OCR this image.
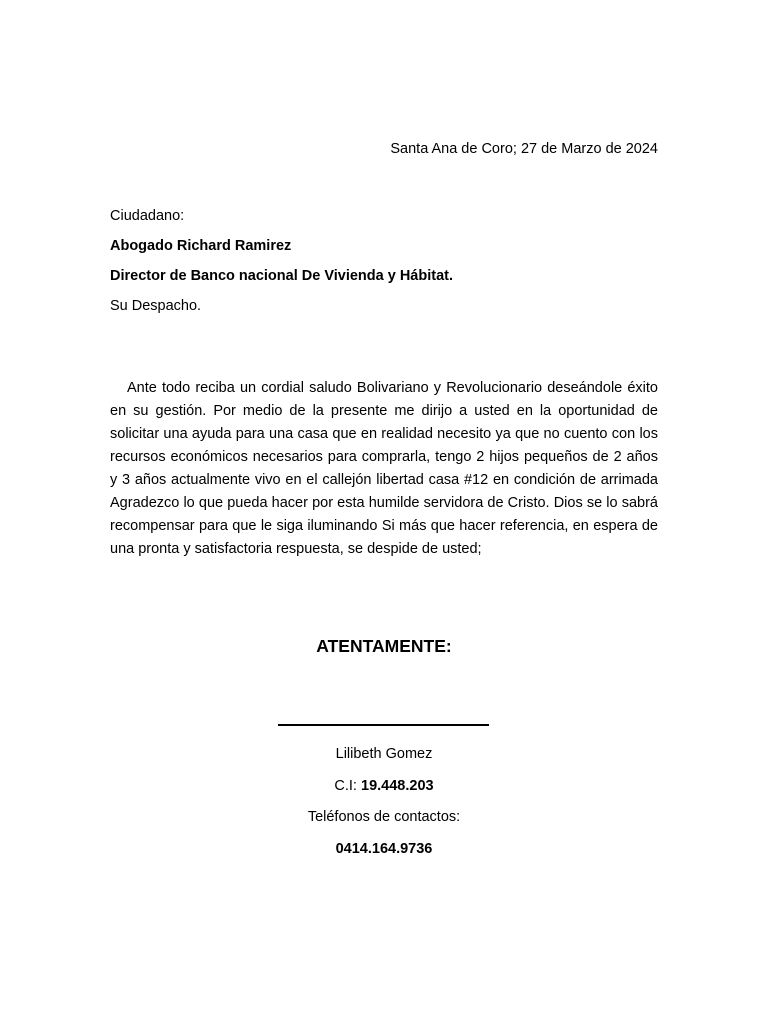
Santa Ana de Coro; 27 de Marzo de 2024
Ciudadano:
Abogado Richard Ramirez
Director de Banco nacional De Vivienda y Hábitat.
Su Despacho.
Ante todo reciba un cordial saludo Bolivariano y Revolucionario deseándole éxito en su gestión. Por medio de la presente me dirijo a usted en la oportunidad de solicitar una ayuda para una casa que en realidad necesito ya que no cuento con los recursos económicos necesarios para comprarla, tengo 2 hijos pequeños de 2 años y 3 años actualmente vivo en el callejón libertad casa #12 en condición de arrimada Agradezco lo que pueda hacer por esta humilde servidora de Cristo. Dios se lo sabrá recompensar para que le siga iluminando Si más que hacer referencia, en espera de una pronta y satisfactoria respuesta, se despide de usted;
ATENTAMENTE:
Lilibeth Gomez
C.I: 19.448.203
Teléfonos de contactos:
0414.164.9736
